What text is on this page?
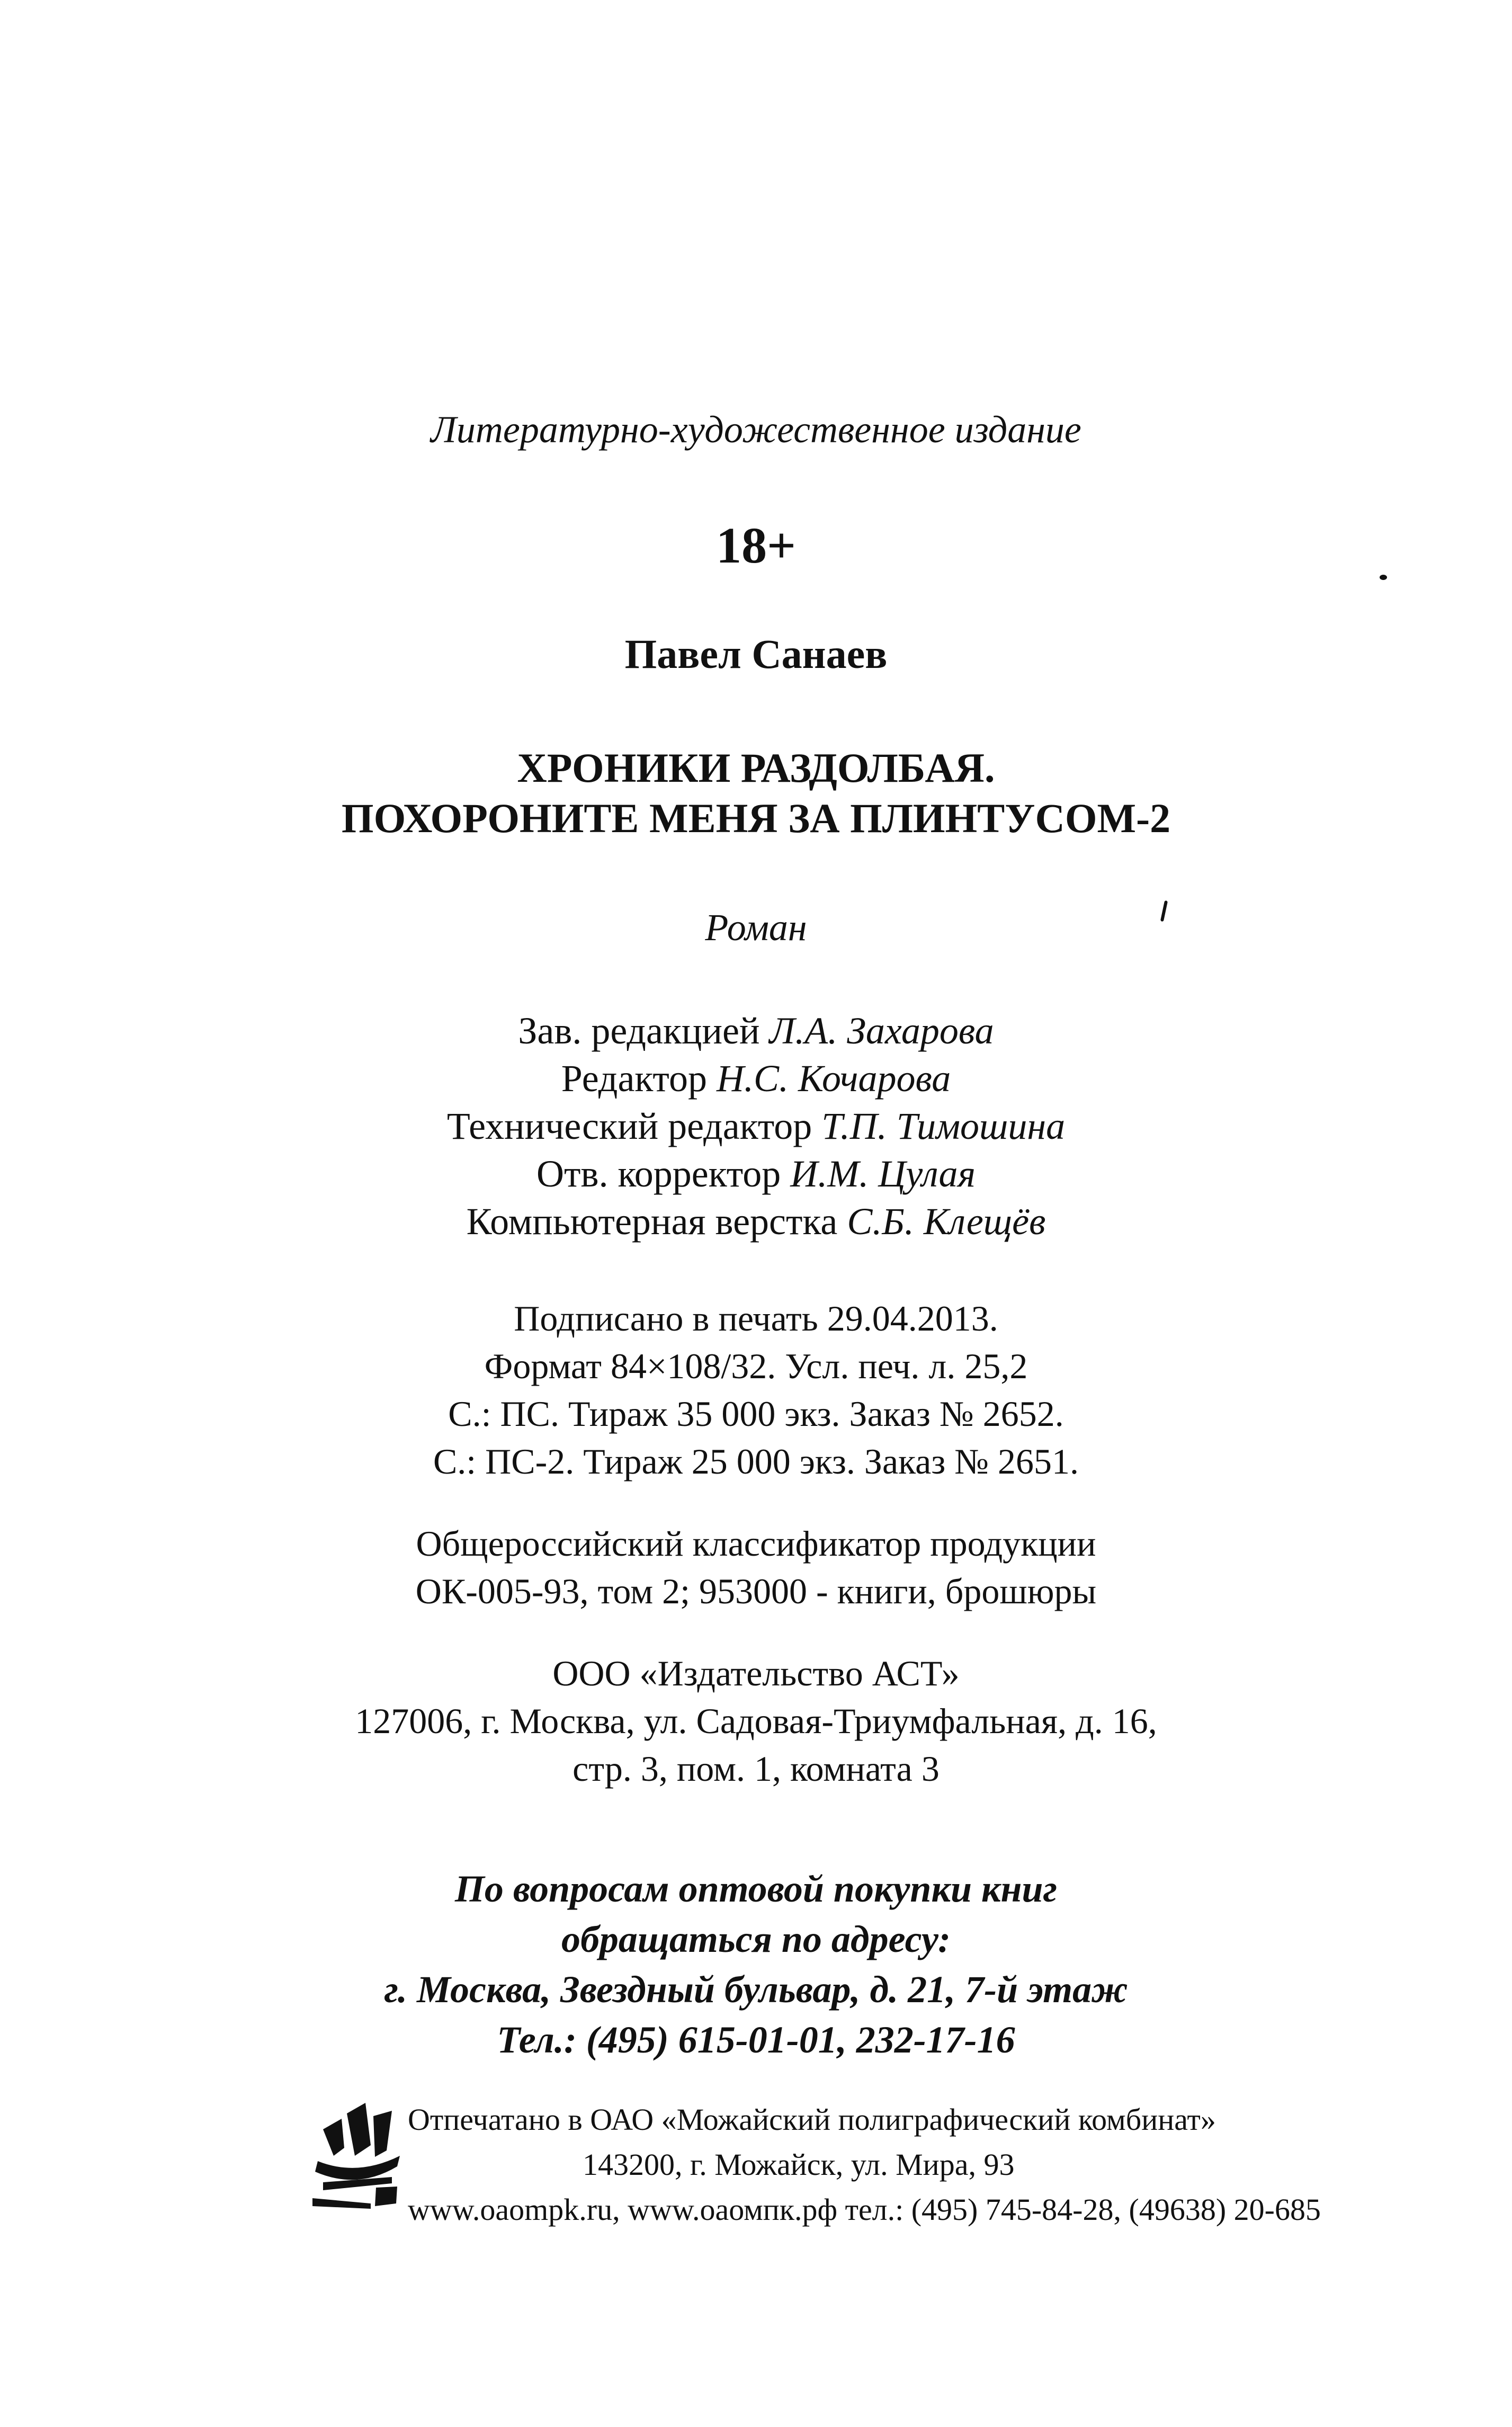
Литературно-художественное издание
18+
Павел Санаев
ХРОНИКИ РАЗДОЛБАЯ.
ПОХОРОНИТЕ МЕНЯ ЗА ПЛИНТУСОМ-2
Роман
Зав. редакцией Л.А. Захарова
Редактор Н.С. Кочарова
Технический редактор Т.П. Тимошина
Отв. корректор И.М. Цулая
Компьютерная верстка С.Б. Клещёв
Подписано в печать 29.04.2013.
Формат 84×108/32. Усл. печ. л. 25,2
С.: ПС. Тираж 35 000 экз. Заказ № 2652.
С.: ПС-2. Тираж 25 000 экз. Заказ № 2651.
Общероссийский классификатор продукции
ОК-005-93, том 2; 953000 - книги, брошюры
ООО «Издательство АСТ»
127006, г. Москва, ул. Садовая-Триумфальная, д. 16,
стр. 3, пом. 1, комната 3
По вопросам оптовой покупки книг
обращаться по адресу:
г. Москва, Звездный бульвар, д. 21, 7-й этаж
Тел.: (495) 615-01-01, 232-17-16
Отпечатано в ОАО «Можайский полиграфический комбинат»
143200, г. Можайск, ул. Мира, 93
www.oaompk.ru, www.оаомпк.рф тел.: (495) 745-84-28, (49638) 20-685
